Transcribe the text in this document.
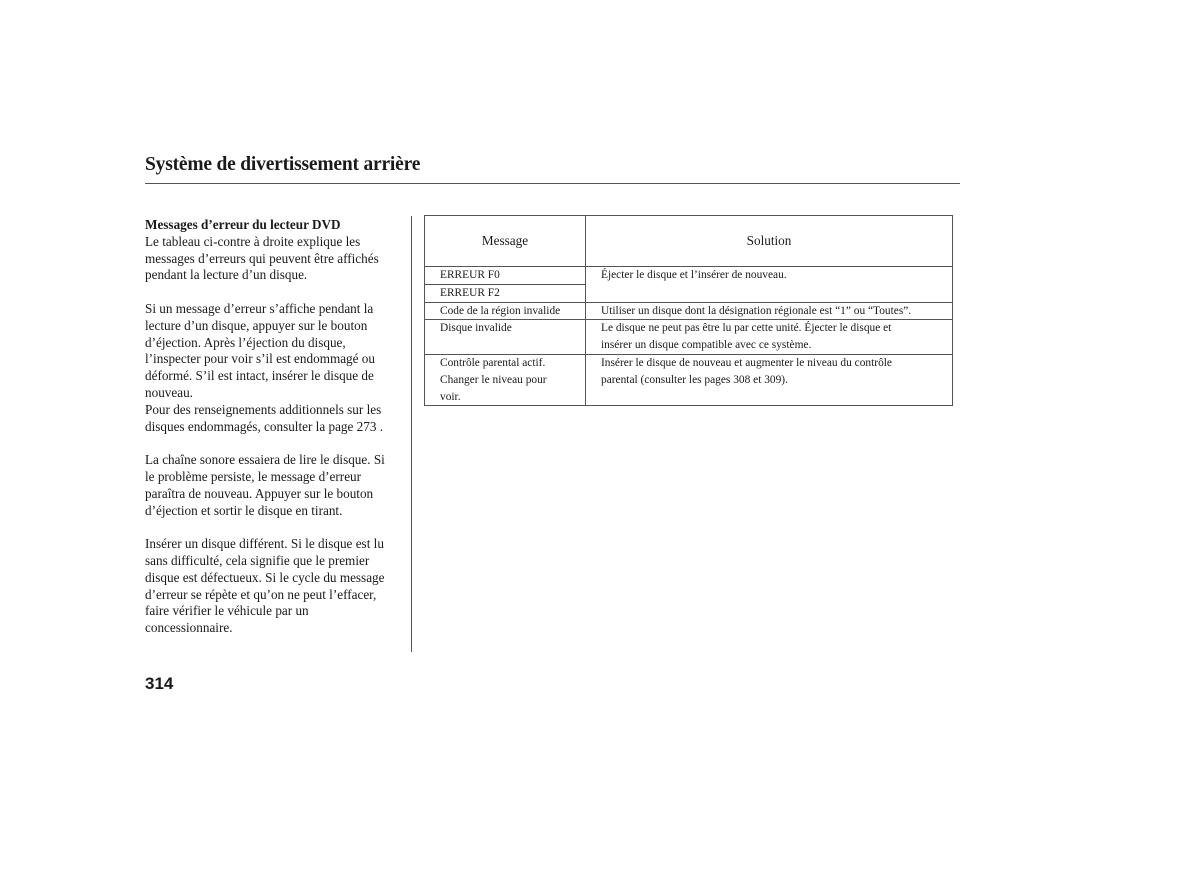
Système de divertissement arrière

Messages d’erreur du lecteur DVD

Le tableau ci-contre à droite explique les

messages d’erreurs qui peuvent être affichés

pendant la lecture d’un disque.

Si un message d’erreur s’affiche pendant la

lecture d’un disque, appuyer sur le bouton

d’éjection. Après l’éjection du disque,

l’inspecter pour voir s’il est endommagé ou

déformé. S’il est intact, insérer le disque de

nouveau.

Pour des renseignements additionnels sur les

disques endommagés, consulter la page 273 .

La chaîne sonore essaiera de lire le disque. Si

le problème persiste, le message d’erreur

paraîtra de nouveau. Appuyer sur le bouton

d’éjection et sortir le disque en tirant.

Insérer un disque différent. Si le disque est lu

sans difficulté, cela signifie que le premier

disque est défectueux. Si le cycle du message

d’erreur se répète et qu’on ne peut l’effacer,

faire vérifier le véhicule par un

concessionnaire.

Message	Solution
ERREUR F0	Éjecter le disque et l’insérer de nouveau.
ERREUR F2	
Code de la région invalide	Utiliser un disque dont la désignation régionale est “1” ou “Toutes”.
Disque invalide	Le disque ne peut pas être lu par cette unité. Éjecter le disque et
insérer un disque compatible avec ce système.

Contrôle parental actif.
Changer le niveau pour
voir.	Insérer le disque de nouveau et augmenter le niveau du contrôle
parental (consulter les pages 308 et 309).
314
